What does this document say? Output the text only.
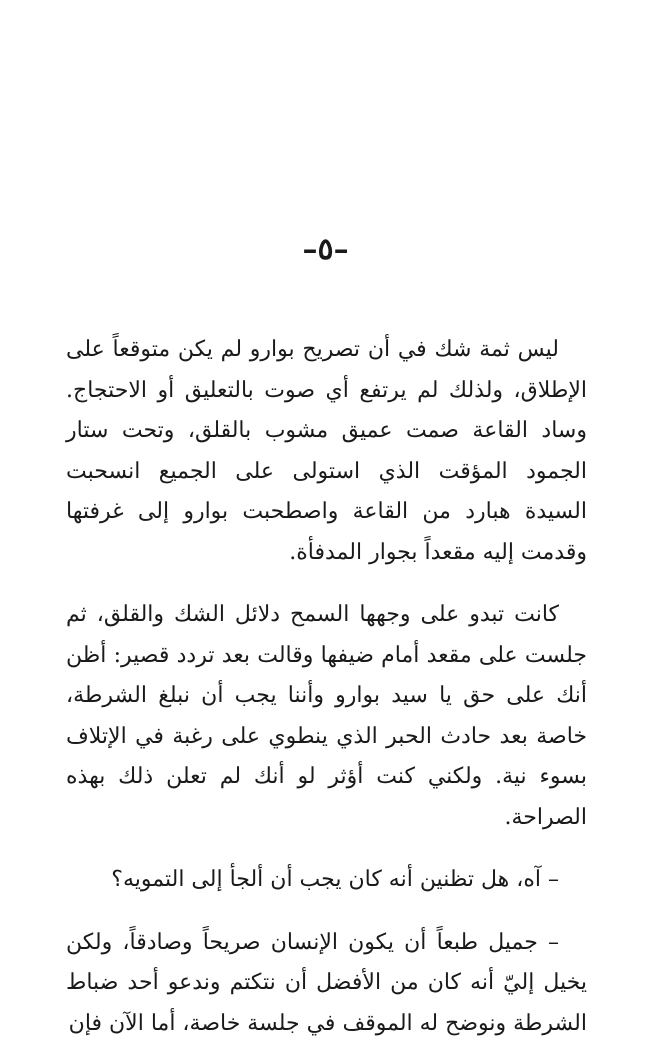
–٥–

ليس ثمة شك في أن تصريح بوارو لم يكن متوقعاً على الإطلاق، ولذلك لم يرتفع أي صوت بالتعليق أو الاحتجاج. وساد القاعة صمت عميق مشوب بالقلق، وتحت ستار الجمود المؤقت الذي استولى على الجميع انسحبت السيدة هبارد من القاعة واصطحبت بوارو إلى غرفتها وقدمت إليه مقعداً بجوار المدفأة.

كانت تبدو على وجهها السمح دلائل الشك والقلق، ثم جلست على مقعد أمام ضيفها وقالت بعد تردد قصير: أظن أنك على حق يا سيد بوارو وأننا يجب أن نبلغ الشرطة، خاصة بعد حادث الحبر الذي ينطوي على رغبة في الإتلاف بسوء نية. ولكني كنت أؤثر لو أنك لم تعلن ذلك بهذه الصراحة.

– آه، هل تظنين أنه كان يجب أن ألجأ إلى التمويه؟

– جميل طبعاً أن يكون الإنسان صريحاً وصادقاً، ولكن يخيل إليّ أنه كان من الأفضل أن نتكتم وندعو أحد ضباط الشرطة ونوضح له الموقف في جلسة خاصة، أما الآن فإن
